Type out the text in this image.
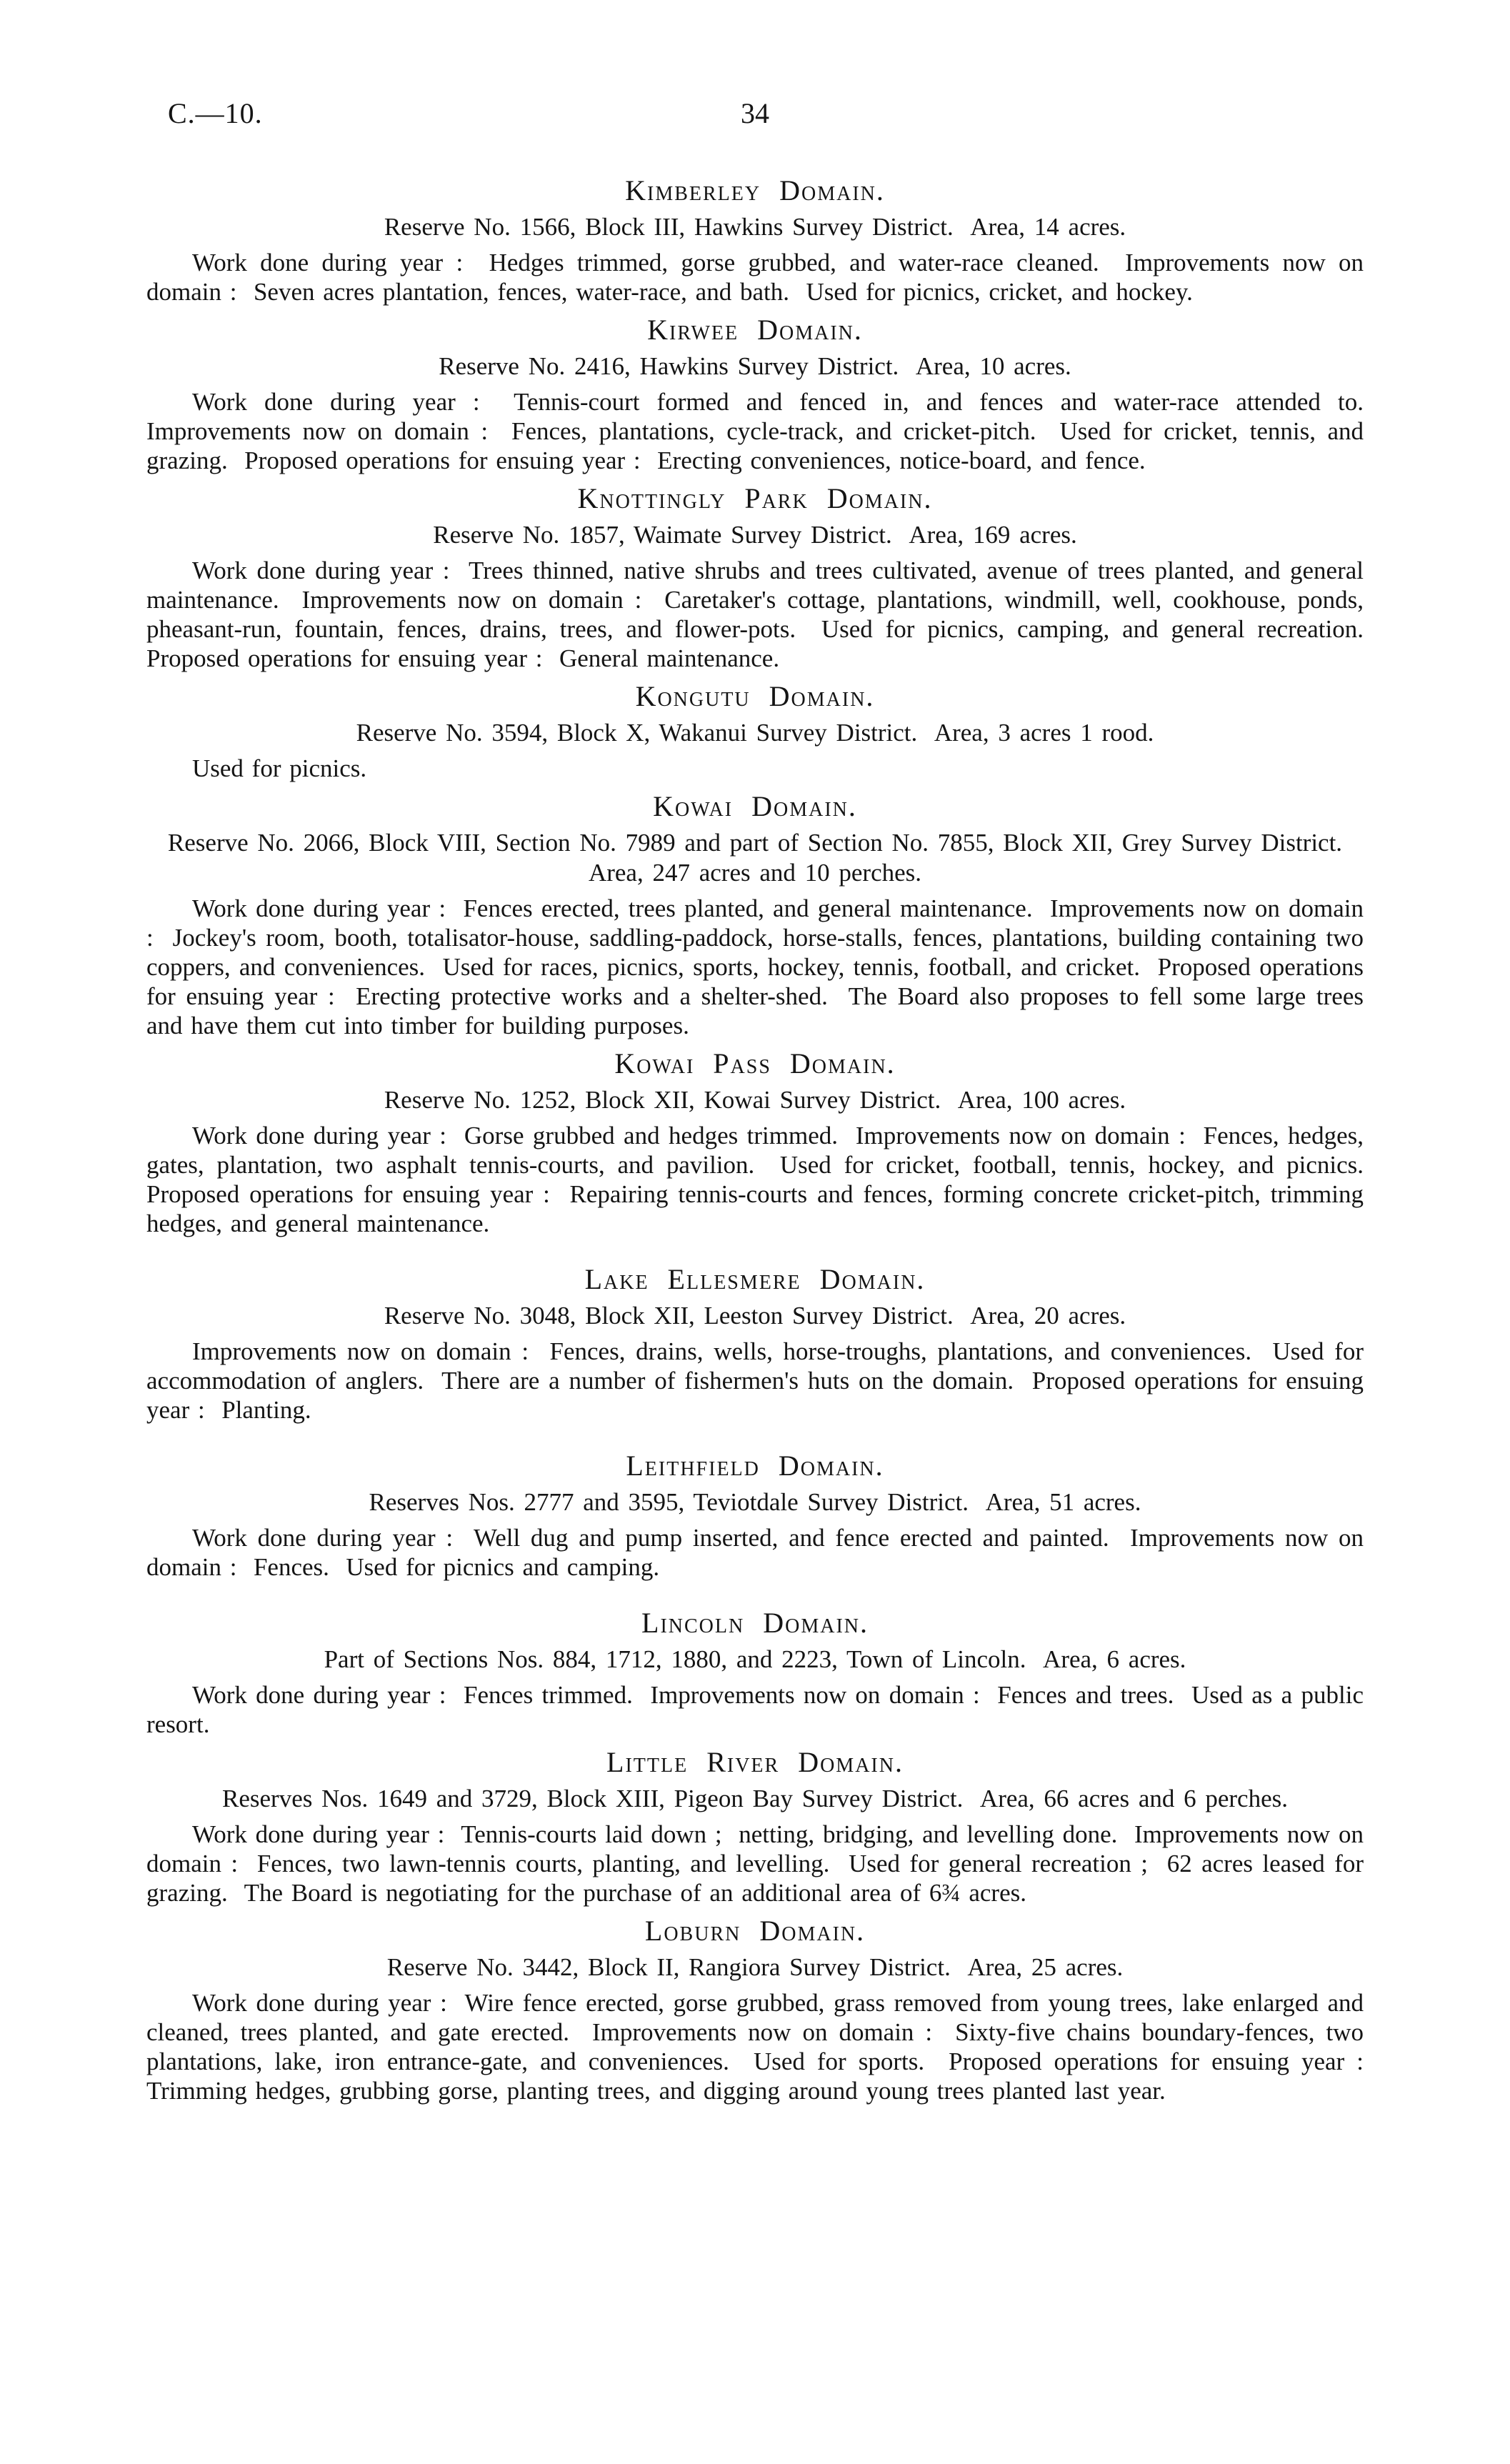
C.—10.	34
Kimberley Domain.

Reserve No. 1566, Block III, Hawkins Survey District.  Area, 14 acres.

Work done during year :  Hedges trimmed, gorse grubbed, and water-race cleaned.  Improvements now on domain :  Seven acres plantation, fences, water-race, and bath.  Used for picnics, cricket, and hockey.

Kirwee Domain.

Reserve No. 2416, Hawkins Survey District.  Area, 10 acres.

Work done during year :  Tennis-court formed and fenced in, and fences and water-race attended to.  Improvements now on domain :  Fences, plantations, cycle-track, and cricket-pitch.  Used for cricket, tennis, and grazing.  Proposed operations for ensuing year :  Erecting conveniences, notice-board, and fence.

Knottingly Park Domain.

Reserve No. 1857, Waimate Survey District.  Area, 169 acres.

Work done during year :  Trees thinned, native shrubs and trees cultivated, avenue of trees planted, and general maintenance.  Improvements now on domain :  Caretaker's cottage, plantations, windmill, well, cookhouse, ponds, pheasant-run, fountain, fences, drains, trees, and flower-pots.  Used for picnics, camping, and general recreation.  Proposed operations for ensuing year :  General maintenance.

Kongutu Domain.

Reserve No. 3594, Block X, Wakanui Survey District.  Area, 3 acres 1 rood.

Used for picnics.

Kowai Domain.

Reserve No. 2066, Block VIII, Section No. 7989 and part of Section No. 7855, Block XII, Grey Survey District.  Area, 247 acres and 10 perches.

Work done during year :  Fences erected, trees planted, and general maintenance.  Improvements now on domain :  Jockey's room, booth, totalisator-house, saddling-paddock, horse-stalls, fences, plantations, building containing two coppers, and conveniences.  Used for races, picnics, sports, hockey, tennis, football, and cricket.  Proposed operations for ensuing year :  Erecting protective works and a shelter-shed.  The Board also proposes to fell some large trees and have them cut into timber for building purposes.

Kowai Pass Domain.

Reserve No. 1252, Block XII, Kowai Survey District.  Area, 100 acres.

Work done during year :  Gorse grubbed and hedges trimmed.  Improvements now on domain :  Fences, hedges, gates, plantation, two asphalt tennis-courts, and pavilion.  Used for cricket, football, tennis, hockey, and picnics.  Proposed operations for ensuing year :  Repairing tennis-courts and fences, forming concrete cricket-pitch, trimming hedges, and general maintenance.

Lake Ellesmere Domain.

Reserve No. 3048, Block XII, Leeston Survey District.  Area, 20 acres.

Improvements now on domain :  Fences, drains, wells, horse-troughs, plantations, and conveniences.  Used for accommodation of anglers.  There are a number of fishermen's huts on the domain.  Proposed operations for ensuing year :  Planting.

Leithfield Domain.

Reserves Nos. 2777 and 3595, Teviotdale Survey District.  Area, 51 acres.

Work done during year :  Well dug and pump inserted, and fence erected and painted.  Improvements now on domain :  Fences.  Used for picnics and camping.

Lincoln Domain.

Part of Sections Nos. 884, 1712, 1880, and 2223, Town of Lincoln.  Area, 6 acres.

Work done during year :  Fences trimmed.  Improvements now on domain :  Fences and trees.  Used as a public resort.

Little River Domain.

Reserves Nos. 1649 and 3729, Block XIII, Pigeon Bay Survey District.  Area, 66 acres and 6 perches.

Work done during year :  Tennis-courts laid down ;  netting, bridging, and levelling done.  Improvements now on domain :  Fences, two lawn-tennis courts, planting, and levelling.  Used for general recreation ;  62 acres leased for grazing.  The Board is negotiating for the purchase of an additional area of 6¾ acres.

Loburn Domain.

Reserve No. 3442, Block II, Rangiora Survey District.  Area, 25 acres.

Work done during year :  Wire fence erected, gorse grubbed, grass removed from young trees, lake enlarged and cleaned, trees planted, and gate erected.  Improvements now on domain :  Sixty-five chains boundary-fences, two plantations, lake, iron entrance-gate, and conveniences.  Used for sports.  Proposed operations for ensuing year :  Trimming hedges, grubbing gorse, planting trees, and digging around young trees planted last year.
